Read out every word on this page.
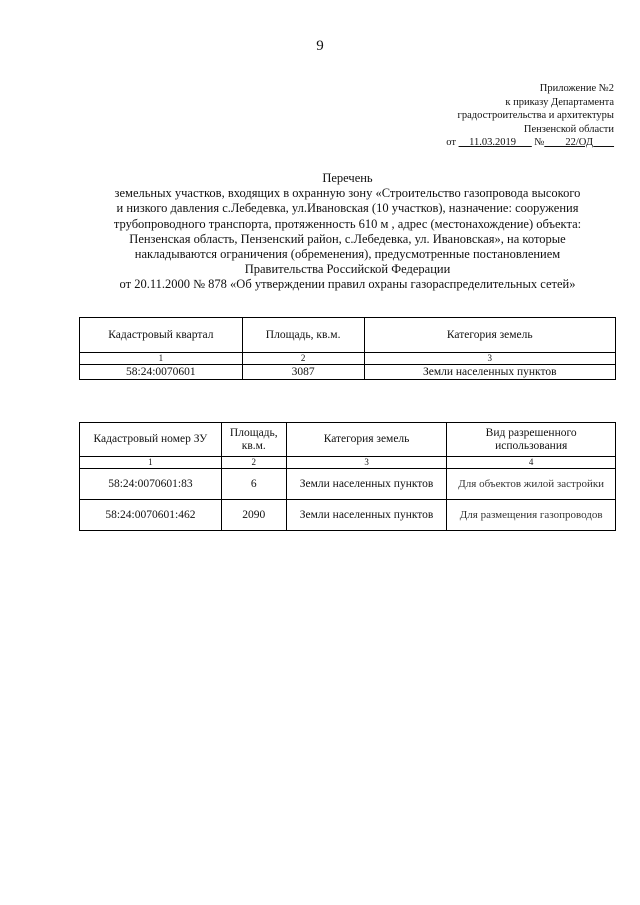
9
Приложение №2
к приказу Департамента
градостроительства и архитектуры
Пензенской области
от __11.03.2019___ №____22/ОД____
Перечень
земельных участков, входящих в охранную зону «Строительство газопровода высокого
и низкого давления с.Лебедевка, ул.Ивановская (10 участков), назначение: сооружения
трубопроводного транспорта, протяженность 610 м , адрес (местонахождение) объекта:
Пензенская область, Пензенский район, с.Лебедевка, ул. Ивановская», на которые
накладываются ограничения (обременения), предусмотренные постановлением
Правительства Российской Федерации
от 20.11.2000 № 878 «Об утверждении правил охраны газораспределительных сетей»
Кадастровый квартал	Площадь, кв.м.	Категория земель
1	2	3
58:24:0070601	3087	Земли населенных пунктов
Кадастровый номер ЗУ	Площадь, кв.м.	Категория земель	Вид разрешенного использования
1	2	3	4
58:24:0070601:83	6	Земли населенных пунктов	Для объектов жилой застройки
58:24:0070601:462	2090	Земли населенных пунктов	Для размещения газопроводов
